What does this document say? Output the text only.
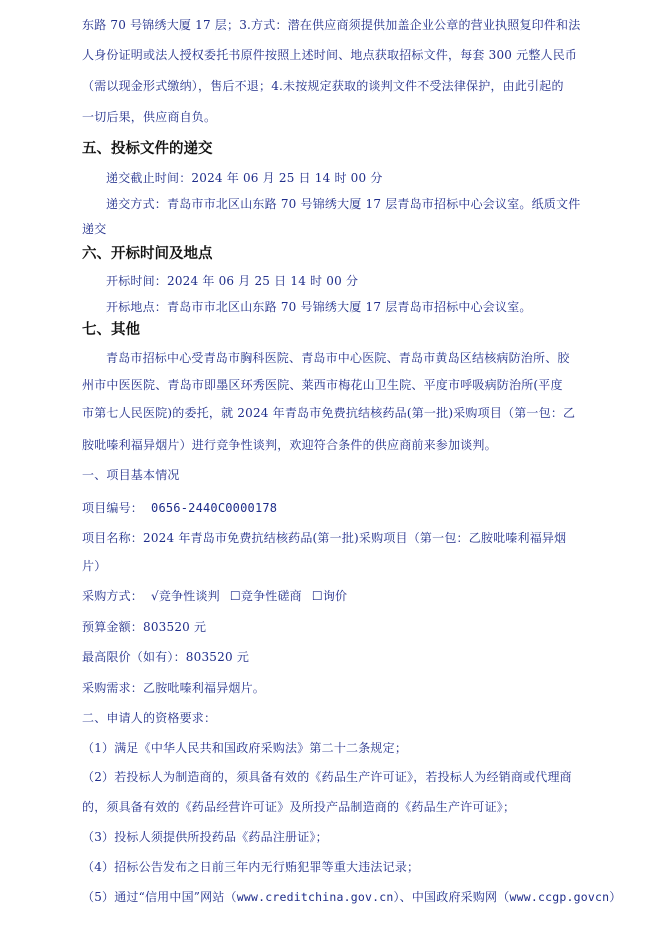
东路 70 号锦绣大厦 17 层；3.方式：潜在供应商须提供加盖企业公章的营业执照复印件和法
人身份证明或法人授权委托书原件按照上述时间、地点获取招标文件，每套 300 元整人民币
（需以现金形式缴纳），售后不退；4.未按规定获取的谈判文件不受法律保护，由此引起的
一切后果，供应商自负。
五、投标文件的递交
递交截止时间：2024 年 06 月 25 日 14 时 00 分
递交方式：青岛市市北区山东路 70 号锦绣大厦 17 层青岛市招标中心会议室。纸质文件
递交
六、开标时间及地点
开标时间：2024 年 06 月 25 日 14 时 00 分
开标地点：青岛市市北区山东路 70 号锦绣大厦 17 层青岛市招标中心会议室。
七、其他
青岛市招标中心受青岛市胸科医院、青岛市中心医院、青岛市黄岛区结核病防治所、胶
州市中医医院、青岛市即墨区环秀医院、莱西市梅花山卫生院、平度市呼吸病防治所(平度
市第七人民医院)的委托，就 2024 年青岛市免费抗结核药品(第一批)采购项目（第一包：乙
胺吡嗪利福异烟片）进行竞争性谈判，欢迎符合条件的供应商前来参加谈判。
一、项目基本情况
项目编号： 0656-2440C0000178
项目名称：2024 年青岛市免费抗结核药品(第一批)采购项目（第一包：乙胺吡嗪利福异烟
片）
采购方式： √竞争性谈判 ☐竞争性磋商 ☐询价
预算金额：803520 元
最高限价（如有）：803520 元
采购需求：乙胺吡嗪利福异烟片。
二、申请人的资格要求：
（1）满足《中华人民共和国政府采购法》第二十二条规定；
（2）若投标人为制造商的，须具备有效的《药品生产许可证》，若投标人为经销商或代理商
的，须具备有效的《药品经营许可证》及所投产品制造商的《药品生产许可证》；
（3）投标人须提供所投药品《药品注册证》；
（4）招标公告发布之日前三年内无行贿犯罪等重大违法记录；
（5）通过“信用中国”网站（www.creditchina.gov.cn）、中国政府采购网（www.ccgp.govcn）
